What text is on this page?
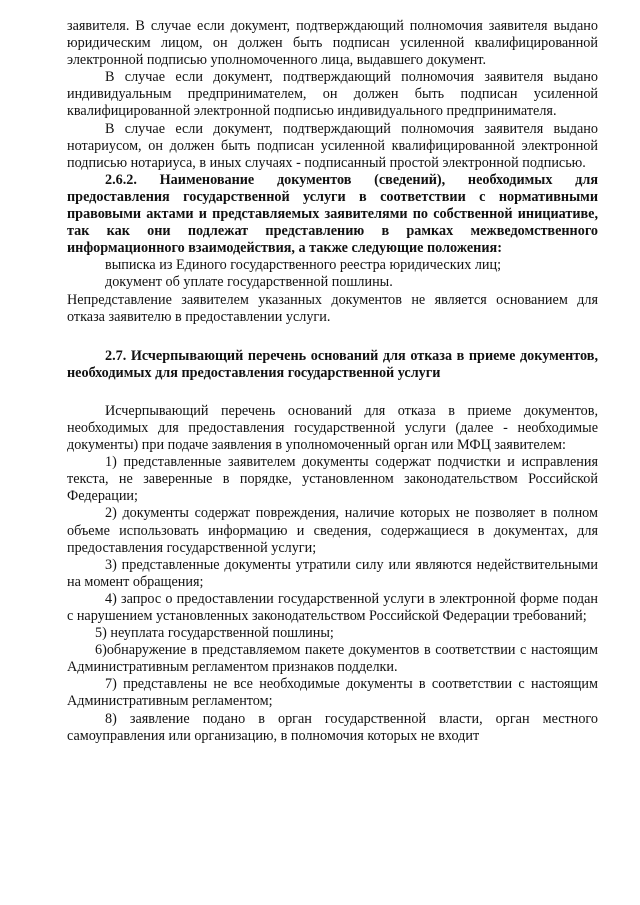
заявителя. В случае если документ, подтверждающий полномочия заявителя выдано юридическим лицом, он должен быть подписан усиленной квалифицированной электронной подписью уполномоченного лица, выдавшего документ.

В случае если документ, подтверждающий полномочия заявителя выдано индивидуальным предпринимателем, он должен быть подписан усиленной квалифицированной электронной подписью индивидуального предпринимателя.

В случае если документ, подтверждающий полномочия заявителя выдано нотариусом, он должен быть подписан усиленной квалифицированной электронной подписью нотариуса, в иных случаях - подписанный простой электронной подписью.

2.6.2. Наименование документов (сведений), необходимых для предоставления государственной услуги в соответствии с нормативными правовыми актами и представляемых заявителями по собственной инициативе, так как они подлежат представлению в рамках межведомственного информационного взаимодействия, а также следующие положения:

выписка из Единого государственного реестра юридических лиц;

документ об уплате государственной пошлины.

Непредставление заявителем указанных документов не является основанием для отказа заявителю в предоставлении услуги.

2.7. Исчерпывающий перечень оснований для отказа в приеме документов, необходимых для предоставления государственной услуги

Исчерпывающий перечень оснований для отказа в приеме документов, необходимых для предоставления государственной услуги (далее - необходимые документы) при подаче заявления в уполномоченный орган или МФЦ заявителем:

1) представленные заявителем документы содержат подчистки и исправления текста, не заверенные в порядке, установленном законодательством Российской Федерации;

2) документы содержат повреждения, наличие которых не позволяет в полном объеме использовать информацию и сведения, содержащиеся в документах, для предоставления государственной услуги;

3) представленные документы утратили силу или являются недействительными на момент обращения;

4) запрос о предоставлении государственной услуги в электронной форме подан с нарушением установленных законодательством Российской Федерации требований;

5) неуплата государственной пошлины;

6)обнаружение в представляемом пакете документов в соответствии с настоящим Административным регламентом признаков подделки.

7) представлены не все необходимые документы в соответствии с настоящим Административным регламентом;

8) заявление подано в орган государственной власти, орган местного самоуправления или организацию, в полномочия которых не входит
